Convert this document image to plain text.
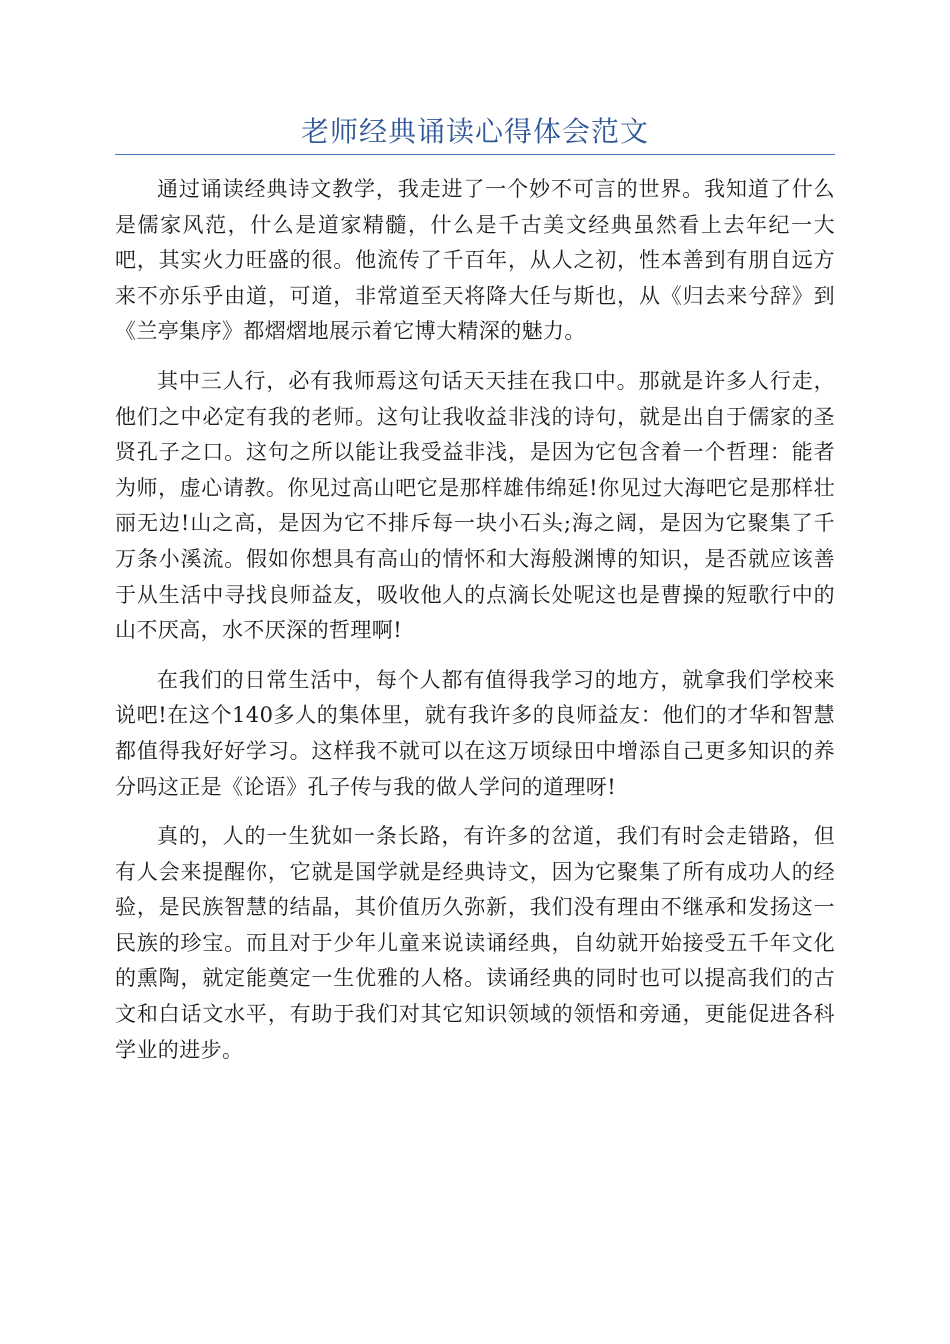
老师经典诵读心得体会范文

通过诵读经典诗文教学，我走进了一个妙不可言的世界。我知道了什么是儒家风范，什么是道家精髓，什么是千古美文经典虽然看上去年纪一大吧，其实火力旺盛的很。他流传了千百年，从人之初，性本善到有朋自远方来不亦乐乎由道，可道，非常道至天将降大任与斯也，从《归去来兮辞》到《兰亭集序》都熠熠地展示着它博大精深的魅力。

其中三人行，必有我师焉这句话天天挂在我口中。那就是许多人行走，他们之中必定有我的老师。这句让我收益非浅的诗句，就是出自于儒家的圣贤孔子之口。这句之所以能让我受益非浅，是因为它包含着一个哲理：能者为师，虚心请教。你见过高山吧它是那样雄伟绵延!你见过大海吧它是那样壮丽无边!山之高，是因为它不排斥每一块小石头;海之阔，是因为它聚集了千万条小溪流。假如你想具有高山的情怀和大海般渊博的知识，是否就应该善于从生活中寻找良师益友，吸收他人的点滴长处呢这也是曹操的短歌行中的山不厌高，水不厌深的哲理啊!

在我们的日常生活中，每个人都有值得我学习的地方，就拿我们学校来说吧!在这个140多人的集体里，就有我许多的良师益友：他们的才华和智慧都值得我好好学习。这样我不就可以在这万顷绿田中增添自己更多知识的养分吗这正是《论语》孔子传与我的做人学问的道理呀!

真的，人的一生犹如一条长路，有许多的岔道，我们有时会走错路，但有人会来提醒你，它就是国学就是经典诗文，因为它聚集了所有成功人的经验，是民族智慧的结晶，其价值历久弥新，我们没有理由不继承和发扬这一民族的珍宝。而且对于少年儿童来说读诵经典，自幼就开始接受五千年文化的熏陶，就定能奠定一生优雅的人格。读诵经典的同时也可以提高我们的古文和白话文水平，有助于我们对其它知识领域的领悟和旁通，更能促进各科学业的进步。
